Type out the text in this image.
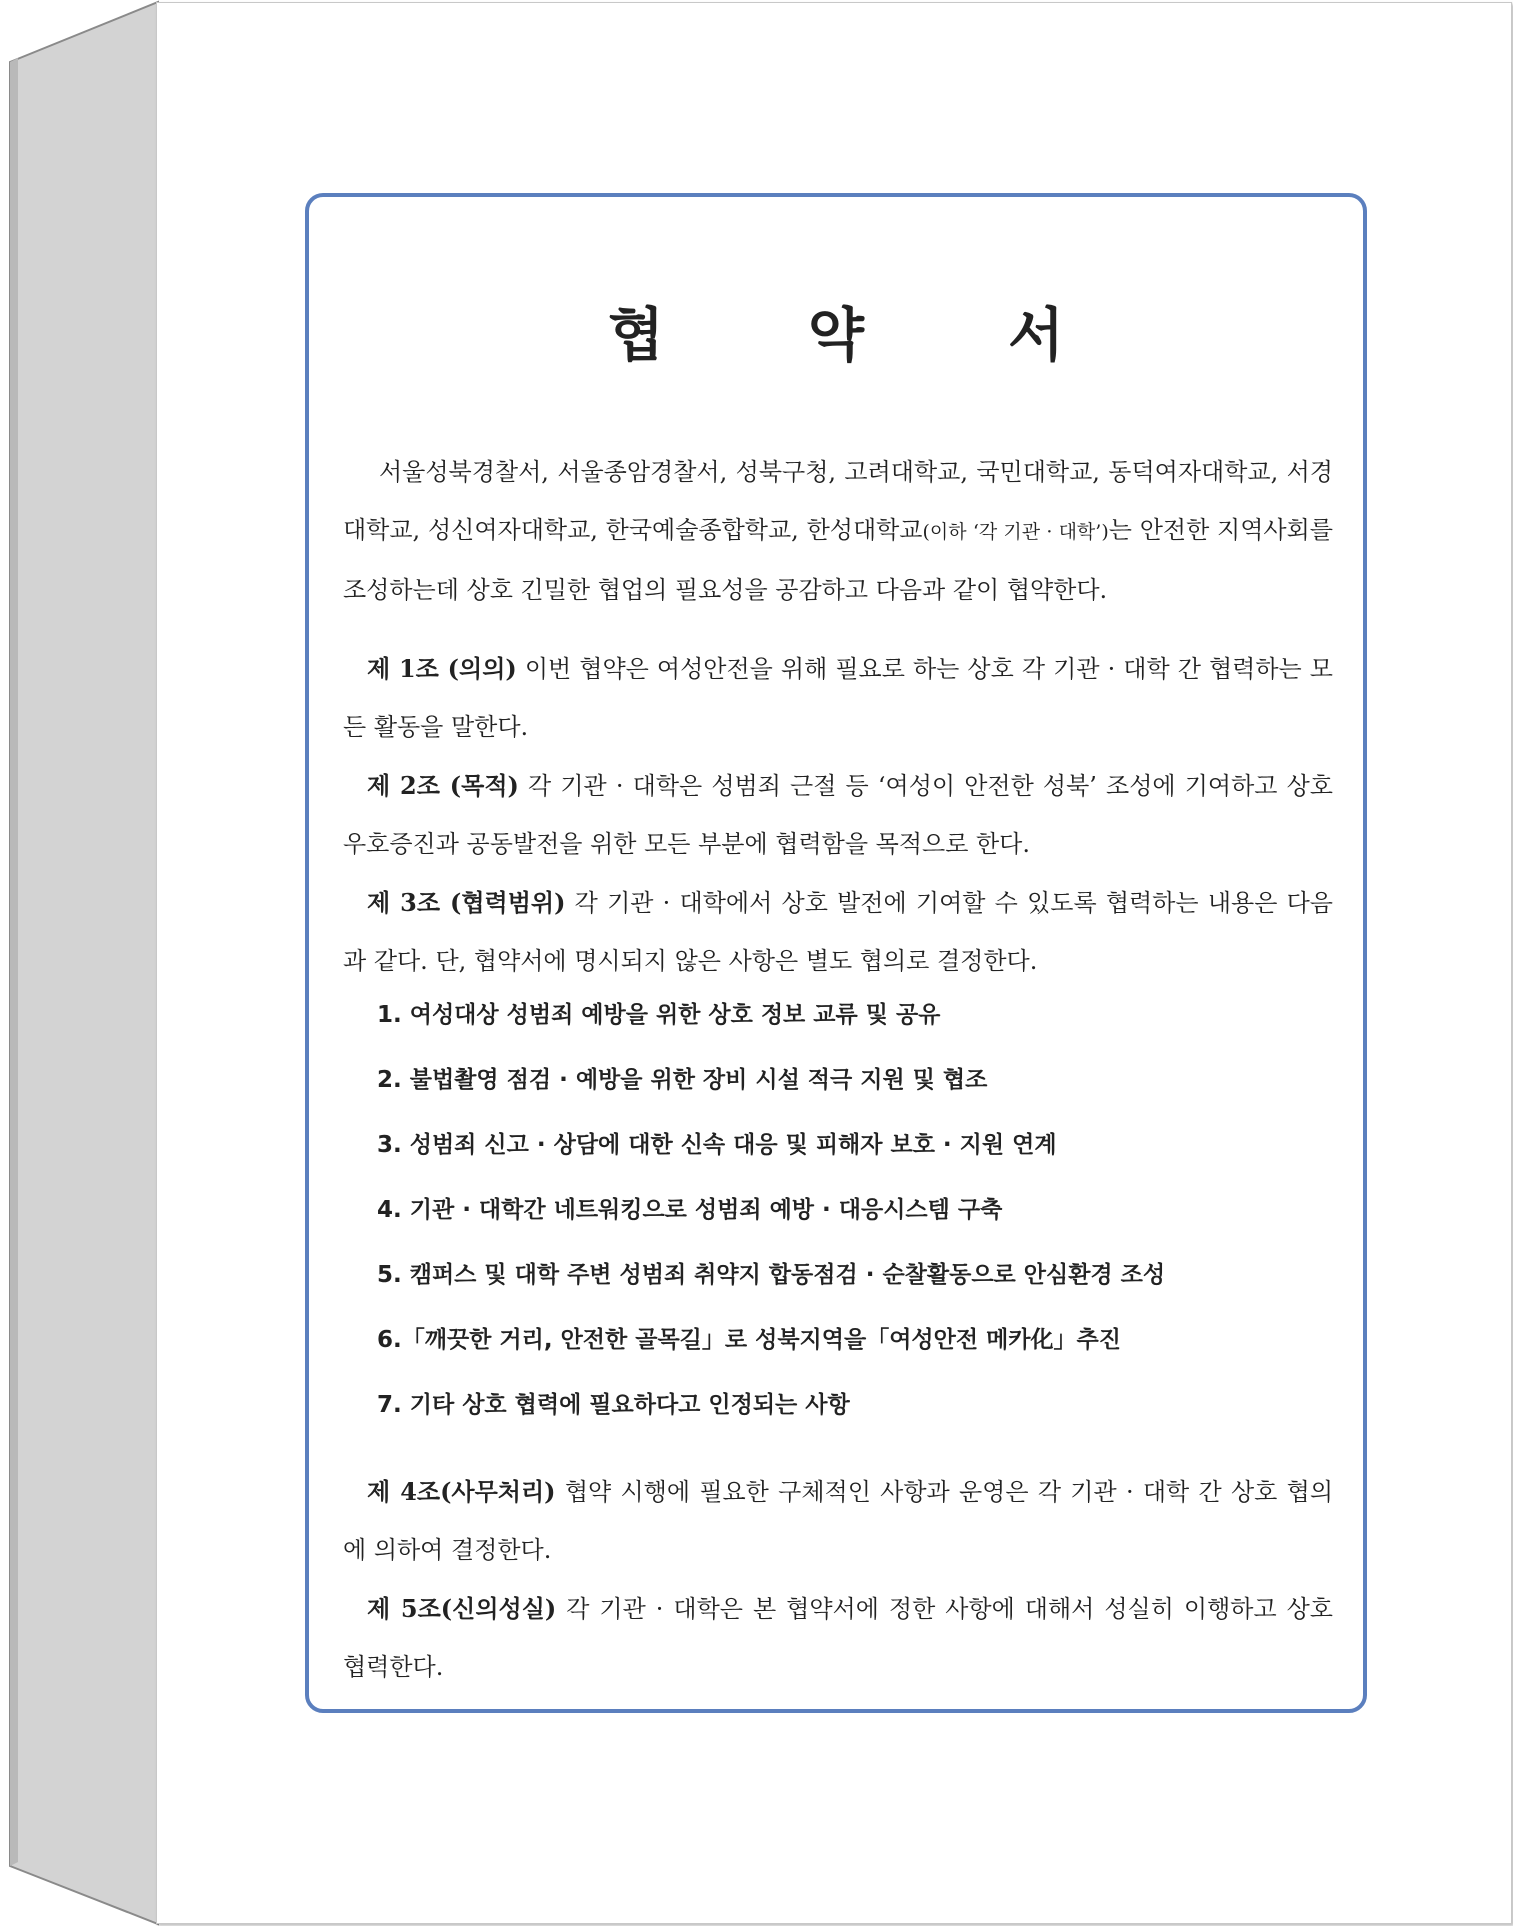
협 약 서

서울성북경찰서, 서울종암경찰서, 성북구청, 고려대학교, 국민대학교, 동덕여자대학교, 서경대학교, 성신여자대학교, 한국예술종합학교, 한성대학교(이하 ‘각 기관 · 대학’)는 안전한 지역사회를 조성하는데 상호 긴밀한 협업의 필요성을 공감하고 다음과 같이 협약한다.

제 1조 (의의) 이번 협약은 여성안전을 위해 필요로 하는 상호 각 기관 · 대학 간 협력하는 모든 활동을 말한다.

제 2조 (목적) 각 기관 · 대학은 성범죄 근절 등 ‘여성이 안전한 성북’ 조성에 기여하고 상호 우호증진과 공동발전을 위한 모든 부분에 협력함을 목적으로 한다.

제 3조 (협력범위) 각 기관 · 대학에서 상호 발전에 기여할 수 있도록 협력하는 내용은 다음과 같다. 단, 협약서에 명시되지 않은 사항은 별도 협의로 결정한다.

1. 여성대상 성범죄 예방을 위한 상호 정보 교류 및 공유
2. 불법촬영 점검 · 예방을 위한 장비 시설 적극 지원 및 협조
3. 성범죄 신고 · 상담에 대한 신속 대응 및 피해자 보호 · 지원 연계
4. 기관 · 대학간 네트워킹으로 성범죄 예방 · 대응시스템 구축
5. 캠퍼스 및 대학 주변 성범죄 취약지 합동점검 · 순찰활동으로 안심환경 조성
6.「깨끗한 거리, 안전한 골목길」로 성북지역을「여성안전 메카化」추진
7. 기타 상호 협력에 필요하다고 인정되는 사항

제 4조(사무처리) 협약 시행에 필요한 구체적인 사항과 운영은 각 기관 · 대학 간 상호 협의에 의하여 결정한다.

제 5조(신의성실) 각 기관 · 대학은 본 협약서에 정한 사항에 대해서 성실히 이행하고 상호 협력한다.
